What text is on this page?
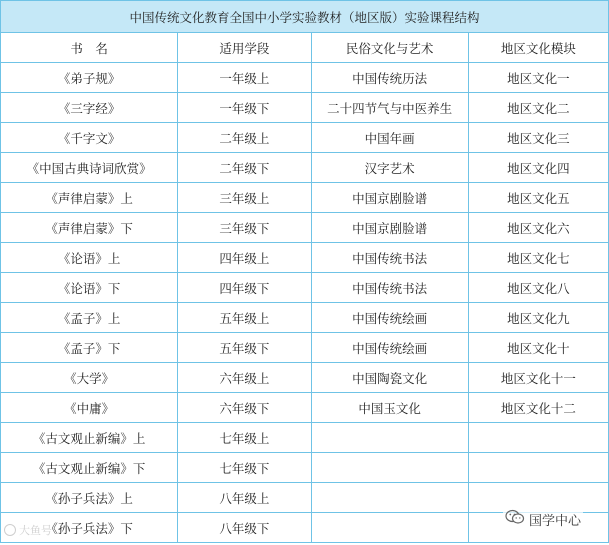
中国传统文化教育全国中小学实验教材（地区版）实验课程结构
书　名	适用学段	民俗文化与艺术	地区文化模块
《弟子规》	一年级上	中国传统历法	地区文化一
《三字经》	一年级下	二十四节气与中医养生	地区文化二
《千字文》	二年级上	中国年画	地区文化三
《中国古典诗词欣赏》	二年级下	汉字艺术	地区文化四
《声律启蒙》上	三年级上	中国京剧脸谱	地区文化五
《声律启蒙》下	三年级下	中国京剧脸谱	地区文化六
《论语》上	四年级上	中国传统书法	地区文化七
《论语》下	四年级下	中国传统书法	地区文化八
《孟子》上	五年级上	中国传统绘画	地区文化九
《孟子》下	五年级下	中国传统绘画	地区文化十
《大学》	六年级上	中国陶瓷文化	地区文化十一
《中庸》	六年级下	中国玉文化	地区文化十二
《古文观止新编》上	七年级上		
《古文观止新编》下	七年级下		
《孙子兵法》上	八年级上		
《孙子兵法》下	八年级下		
大鱼号
国学中心
